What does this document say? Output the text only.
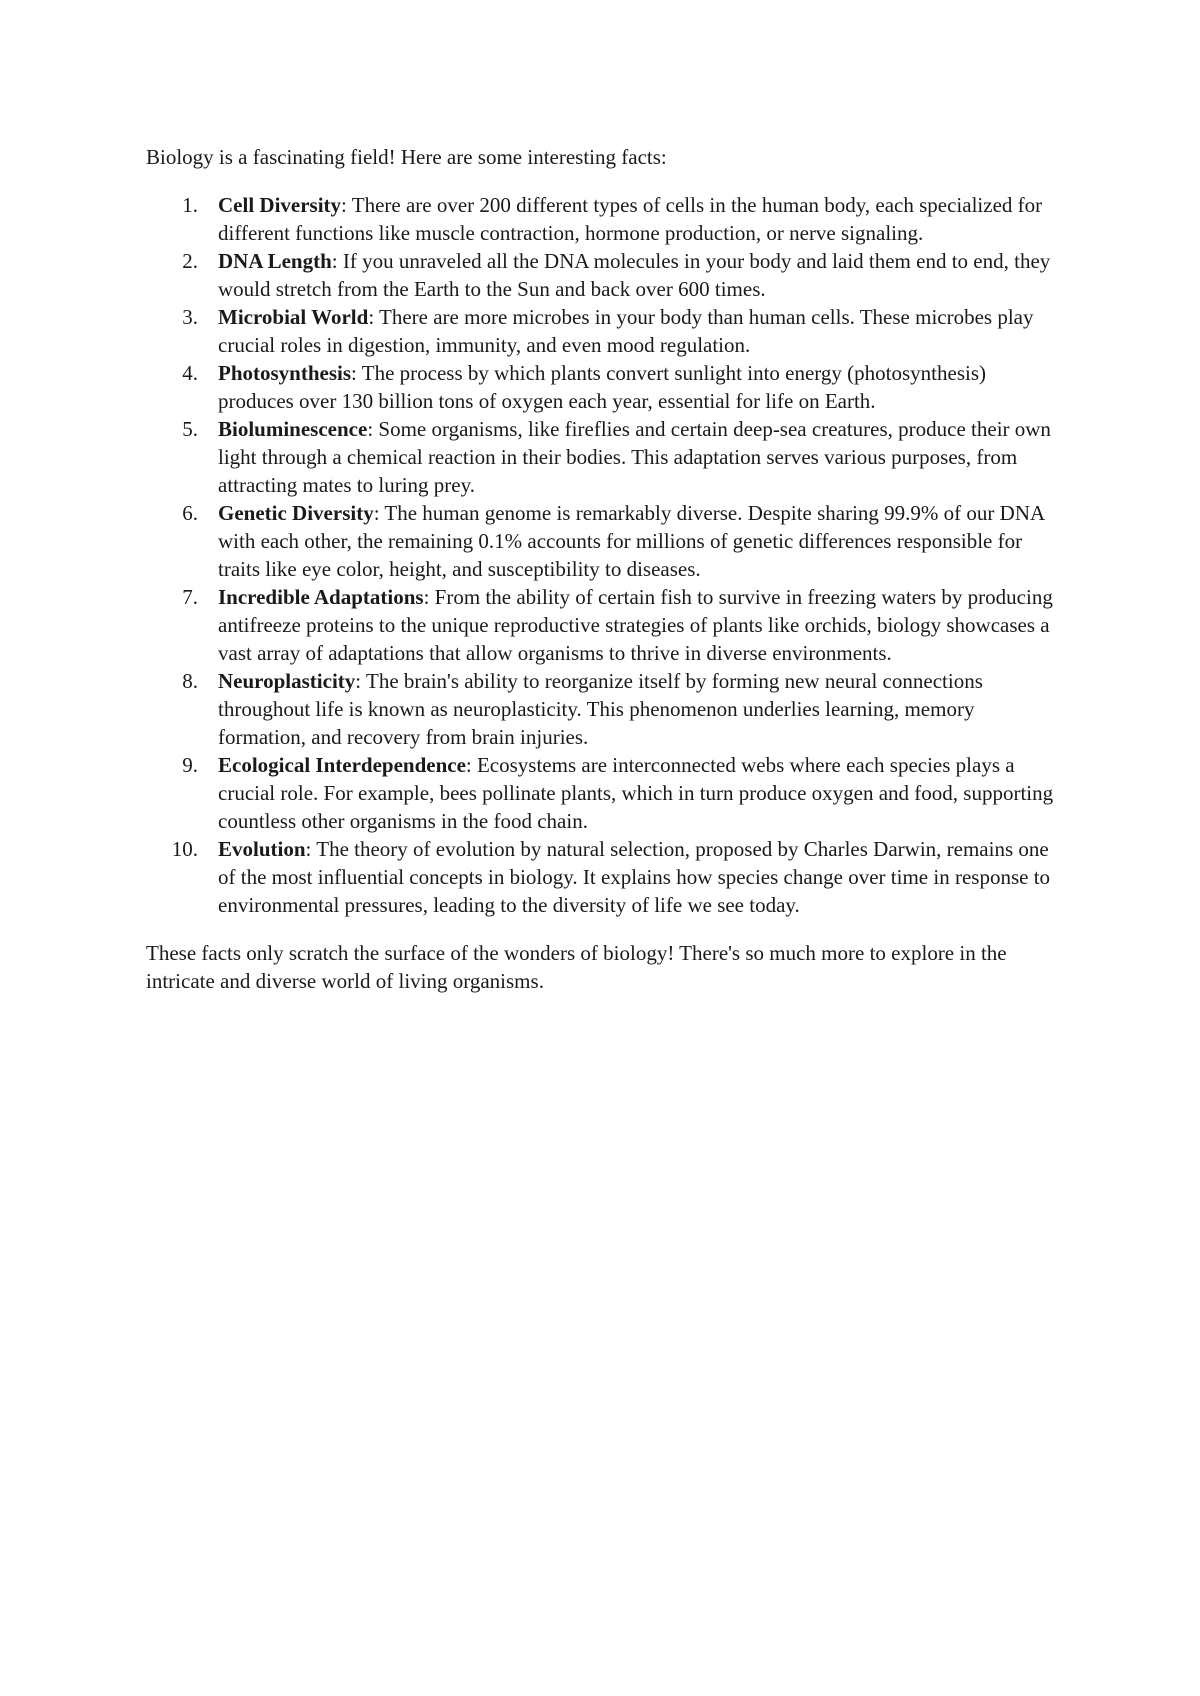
Biology is a fascinating field! Here are some interesting facts:

1. Cell Diversity: There are over 200 different types of cells in the human body, each specialized for different functions like muscle contraction, hormone production, or nerve signaling.
2. DNA Length: If you unraveled all the DNA molecules in your body and laid them end to end, they would stretch from the Earth to the Sun and back over 600 times.
3. Microbial World: There are more microbes in your body than human cells. These microbes play crucial roles in digestion, immunity, and even mood regulation.
4. Photosynthesis: The process by which plants convert sunlight into energy (photosynthesis) produces over 130 billion tons of oxygen each year, essential for life on Earth.
5. Bioluminescence: Some organisms, like fireflies and certain deep-sea creatures, produce their own light through a chemical reaction in their bodies. This adaptation serves various purposes, from attracting mates to luring prey.
6. Genetic Diversity: The human genome is remarkably diverse. Despite sharing 99.9% of our DNA with each other, the remaining 0.1% accounts for millions of genetic differences responsible for traits like eye color, height, and susceptibility to diseases.
7. Incredible Adaptations: From the ability of certain fish to survive in freezing waters by producing antifreeze proteins to the unique reproductive strategies of plants like orchids, biology showcases a vast array of adaptations that allow organisms to thrive in diverse environments.
8. Neuroplasticity: The brain's ability to reorganize itself by forming new neural connections throughout life is known as neuroplasticity. This phenomenon underlies learning, memory formation, and recovery from brain injuries.
9. Ecological Interdependence: Ecosystems are interconnected webs where each species plays a crucial role. For example, bees pollinate plants, which in turn produce oxygen and food, supporting countless other organisms in the food chain.
10. Evolution: The theory of evolution by natural selection, proposed by Charles Darwin, remains one of the most influential concepts in biology. It explains how species change over time in response to environmental pressures, leading to the diversity of life we see today.

These facts only scratch the surface of the wonders of biology! There's so much more to explore in the intricate and diverse world of living organisms.
